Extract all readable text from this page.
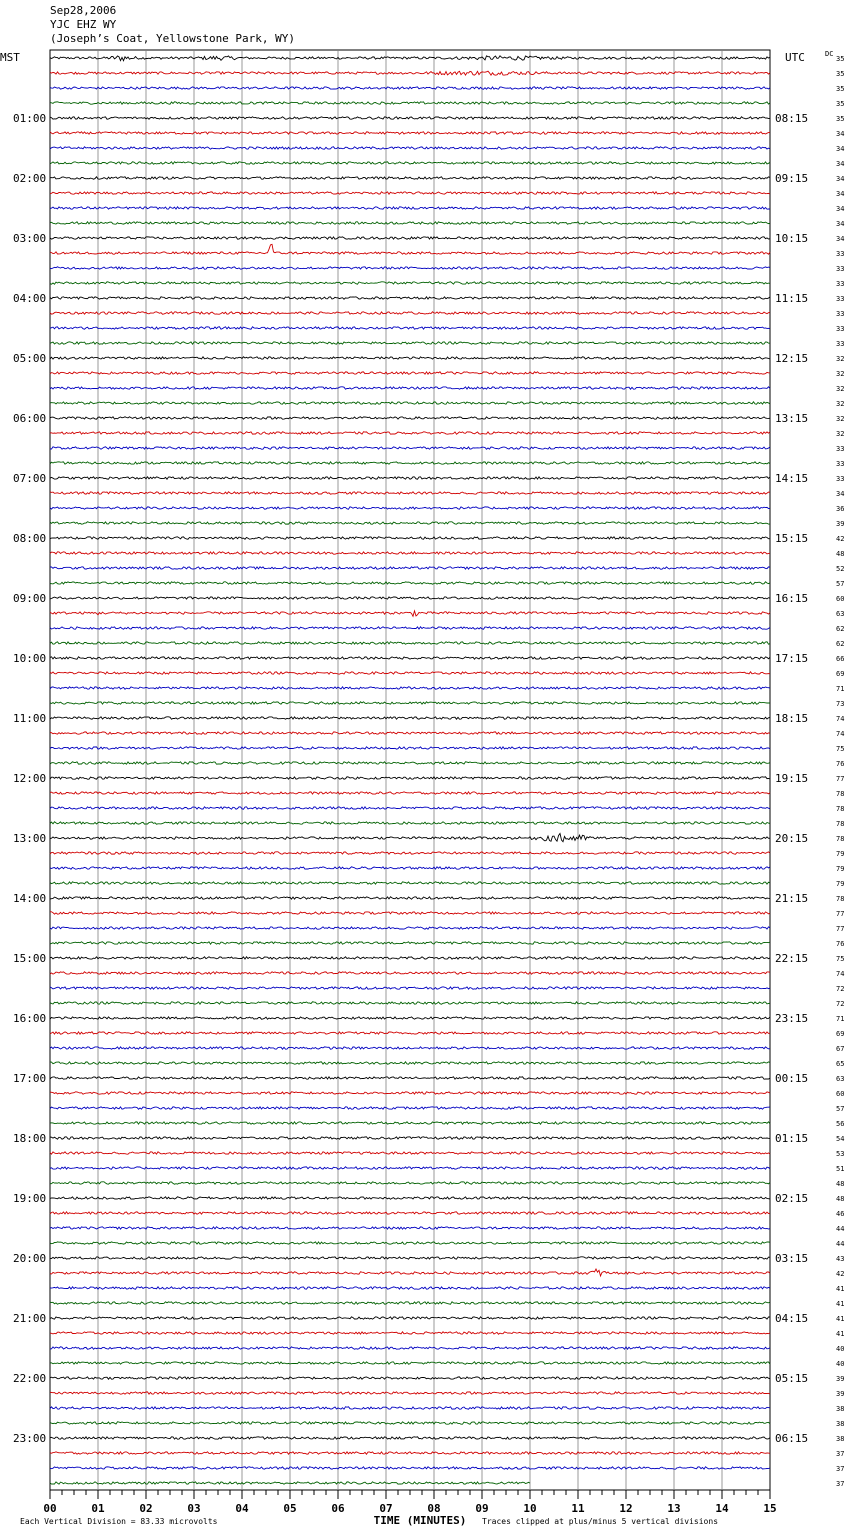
Sep28,2006
YJC EHZ WY
(Joseph’s Coat, Yellowstone Park, WY)
35
35
35
35
35
34
34
34
34
34
34
34
34
33
33
33
33
33
33
33
32
32
32
32
32
32
33
33
33
34
36
39
42
48
52
57
60
63
62
62
66
69
71
73
74
74
75
76
77
78
78
78
78
79
79
79
78
77
77
76
75
74
72
72
71
69
67
65
63
60
57
56
54
53
51
48
48
46
44
44
43
42
41
41
41
41
40
40
39
39
38
38
38
37
37
37
01:00
02:00
03:00
04:00
05:00
06:00
07:00
08:00
09:00
10:00
11:00
12:00
13:00
14:00
15:00
16:00
17:00
18:00
19:00
20:00
21:00
22:00
23:00
08:15
09:15
10:15
11:15
12:15
13:15
14:15
15:15
16:15
17:15
18:15
19:15
20:15
21:15
22:15
23:15
00:15
01:15
02:15
03:15
04:15
05:15
06:15
MST	UTC	DC
00	01	02	03	04	05	06	07	08	09	10	11	12	13	14	15
TIME (MINUTES)
Each Vertical Division = 83.33 microvolts	Traces clipped at plus/minus 5 vertical divisions
